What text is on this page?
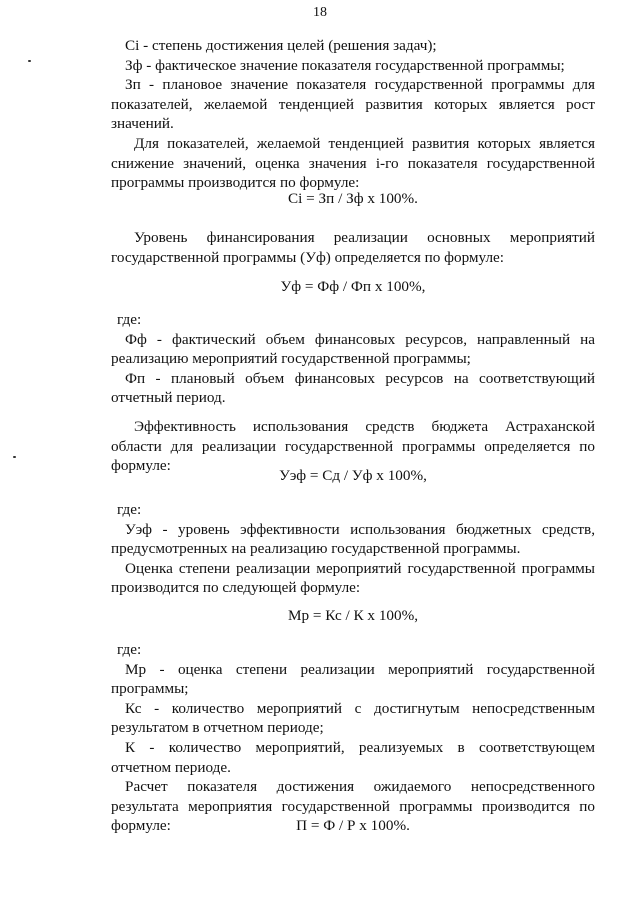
18

Сi - степень достижения целей (решения задач);

Зф - фактическое значение показателя государственной программы;

Зп - плановое значение показателя государственной программы для показателей, желаемой тенденцией развития которых является рост значений.

Для показателей, желаемой тенденцией развития которых является снижение значений, оценка значения i-го показателя государственной программы производится по формуле:

Сi = Зп / Зф х 100%.

Уровень финансирования реализации основных мероприятий государственной программы (Уф) определяется по формуле:

Уф = Фф / Фп х 100%,

где:

Фф - фактический объем финансовых ресурсов, направленный на реализацию мероприятий государственной программы;

Фп - плановый объем финансовых ресурсов на соответствующий отчетный период.

Эффективность использования средств бюджета Астраханской области для реализации государственной программы определяется по формуле:

Уэф = Сд / Уф х 100%,

где:

Уэф - уровень эффективности использования бюджетных средств, предусмотренных на реализацию государственной программы.

Оценка степени реализации мероприятий государственной программы производится по следующей формуле:

Мр = Кс / К х 100%,

где:

Мр - оценка степени реализации мероприятий государственной программы;

Кс - количество мероприятий с достигнутым непосредственным результатом в отчетном периоде;

К - количество мероприятий, реализуемых в соответствующем отчетном периоде.

Расчет показателя достижения ожидаемого непосредственного результата мероприятия государственной программы производится по формуле:	П = Ф / Р х 100%.
